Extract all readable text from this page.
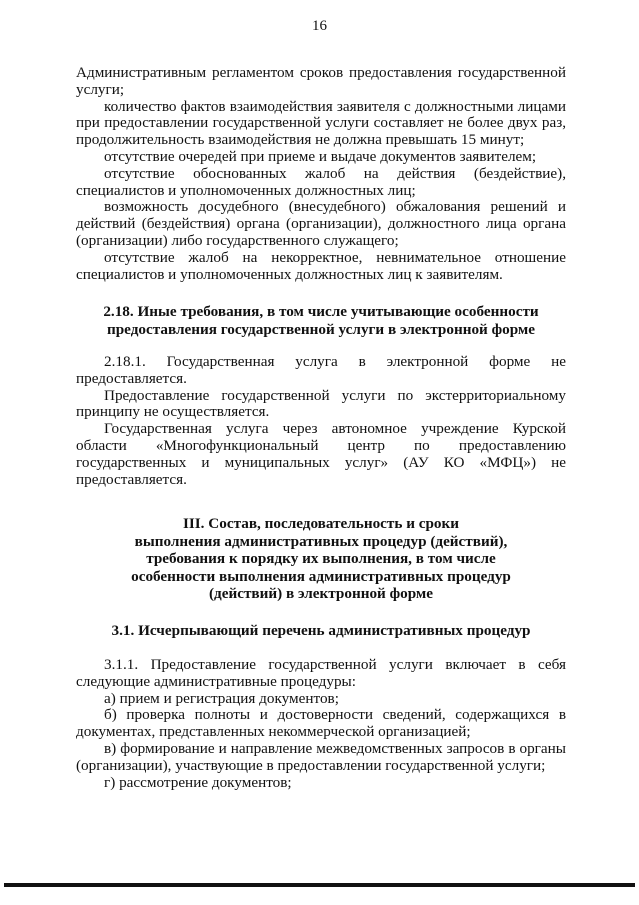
16

Административным регламентом сроков предоставления государственной услуги;

количество фактов взаимодействия заявителя с должностными лицами при предоставлении государственной услуги составляет не более двух раз, продолжительность взаимодействия не должна превышать 15 минут;

отсутствие очередей при приеме и выдаче документов заявителем;

отсутствие обоснованных жалоб на действия (бездействие), специалистов и уполномоченных должностных лиц;

возможность досудебного (внесудебного) обжалования решений и действий (бездействия) органа (организации), должностного лица органа (организации) либо государственного служащего;

отсутствие жалоб на некорректное, невнимательное отношение специалистов и уполномоченных должностных лиц к заявителям.

2.18. Иные требования, в том числе учитывающие особенности

предоставления государственной услуги в электронной форме

2.18.1. Государственная услуга в электронной форме не предоставляется.

Предоставление государственной услуги по экстерриториальному принципу не осуществляется.

Государственная услуга через автономное учреждение Курской области «Многофункциональный центр по предоставлению государственных и муниципальных услуг» (АУ КО «МФЦ») не предоставляется.

III. Состав, последовательность и сроки

выполнения административных процедур (действий),

требования к порядку их выполнения, в том числе

особенности выполнения административных процедур

(действий) в электронной форме

3.1. Исчерпывающий перечень административных процедур

3.1.1. Предоставление государственной услуги включает в себя следующие административные процедуры:

а) прием и регистрация документов;

б) проверка полноты и достоверности сведений, содержащихся в документах, представленных некоммерческой организацией;

в) формирование и направление межведомственных запросов в органы (организации), участвующие в предоставлении государственной услуги;

г) рассмотрение документов;
